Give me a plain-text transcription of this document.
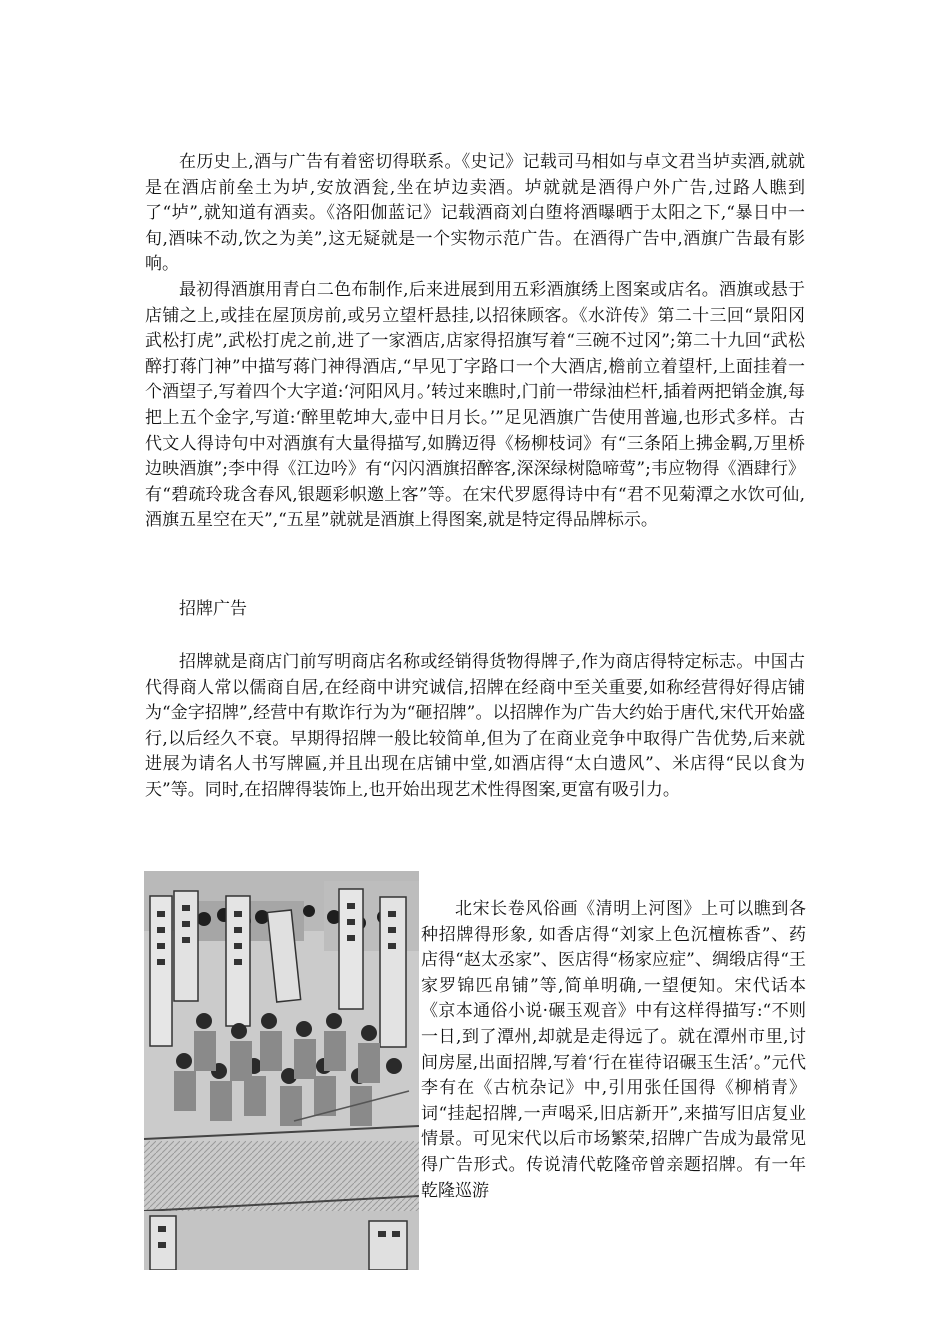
在历史上,酒与广告有着密切得联系。《史记》记载司马相如与卓文君当垆卖酒,就就是在酒店前垒土为垆,安放酒瓮,坐在垆边卖酒。垆就就是酒得户外广告,过路人瞧到了“垆”,就知道有酒卖。《洛阳伽蓝记》记载酒商刘白堕将酒曝晒于太阳之下,“暴日中一旬,酒味不动,饮之为美”,这无疑就是一个实物示范广告。在酒得广告中,酒旗广告最有影响。

最初得酒旗用青白二色布制作,后来进展到用五彩酒旗绣上图案或店名。酒旗或悬于店铺之上,或挂在屋顶房前,或另立望杆悬挂,以招徕顾客。《水浒传》第二十三回“景阳冈武松打虎”,武松打虎之前,进了一家酒店,店家得招旗写着“三碗不过冈”;第二十九回“武松醉打蒋门神”中描写蒋门神得酒店,“早见丁字路口一个大酒店,檐前立着望杆,上面挂着一个酒望子,写着四个大字道:‘河阳风月。’转过来瞧时,门前一带绿油栏杆,插着两把销金旗,每把上五个金字,写道:‘醉里乾坤大,壶中日月长。’”足见酒旗广告使用普遍,也形式多样。古代文人得诗句中对酒旗有大量得描写,如腾迈得《杨柳枝词》有“三条陌上拂金羁,万里桥边映酒旗”;李中得《江边吟》有“闪闪酒旗招醉客,深深绿树隐啼莺”;韦应物得《酒肆行》有“碧疏玲珑含春风,银题彩帜邀上客”等。在宋代罗愿得诗中有“君不见菊潭之水饮可仙,酒旗五星空在天”,“五星”就就是酒旗上得图案,就是特定得品牌标示。

招牌广告

招牌就是商店门前写明商店名称或经销得货物得牌子,作为商店得特定标志。中国古代得商人常以儒商自居,在经商中讲究诚信,招牌在经商中至关重要,如称经营得好得店铺为“金字招牌”,经营中有欺诈行为为“砸招牌”。以招牌作为广告大约始于唐代,宋代开始盛行,以后经久不衰。早期得招牌一般比较简单,但为了在商业竞争中取得广告优势,后来就进展为请名人书写牌匾,并且出现在店铺中堂,如酒店得“太白遗风”、米店得“民以食为天”等。同时,在招牌得装饰上,也开始出现艺术性得图案,更富有吸引力。

北宋长卷风俗画《清明上河图》上可以瞧到各种招牌得形象, 如香店得“刘家上色沉檀栋香”、药店得“赵太丞家”、医店得“杨家应症”、绸缎店得“王家罗锦匹帛铺”等,简单明确,一望便知。宋代话本《京本通俗小说·碾玉观音》中有这样得描写:“不则一日,到了潭州,却就是走得远了。就在潭州市里,讨间房屋,出面招牌,写着‘行在崔待诏碾玉生活’。”元代李有在《古杭杂记》中,引用张任国得《柳梢青》词“挂起招牌,一声喝采,旧店新开”,来描写旧店复业情景。可见宋代以后市场繁荣,招牌广告成为最常见得广告形式。传说清代乾隆帝曾亲题招牌。有一年乾隆巡游
